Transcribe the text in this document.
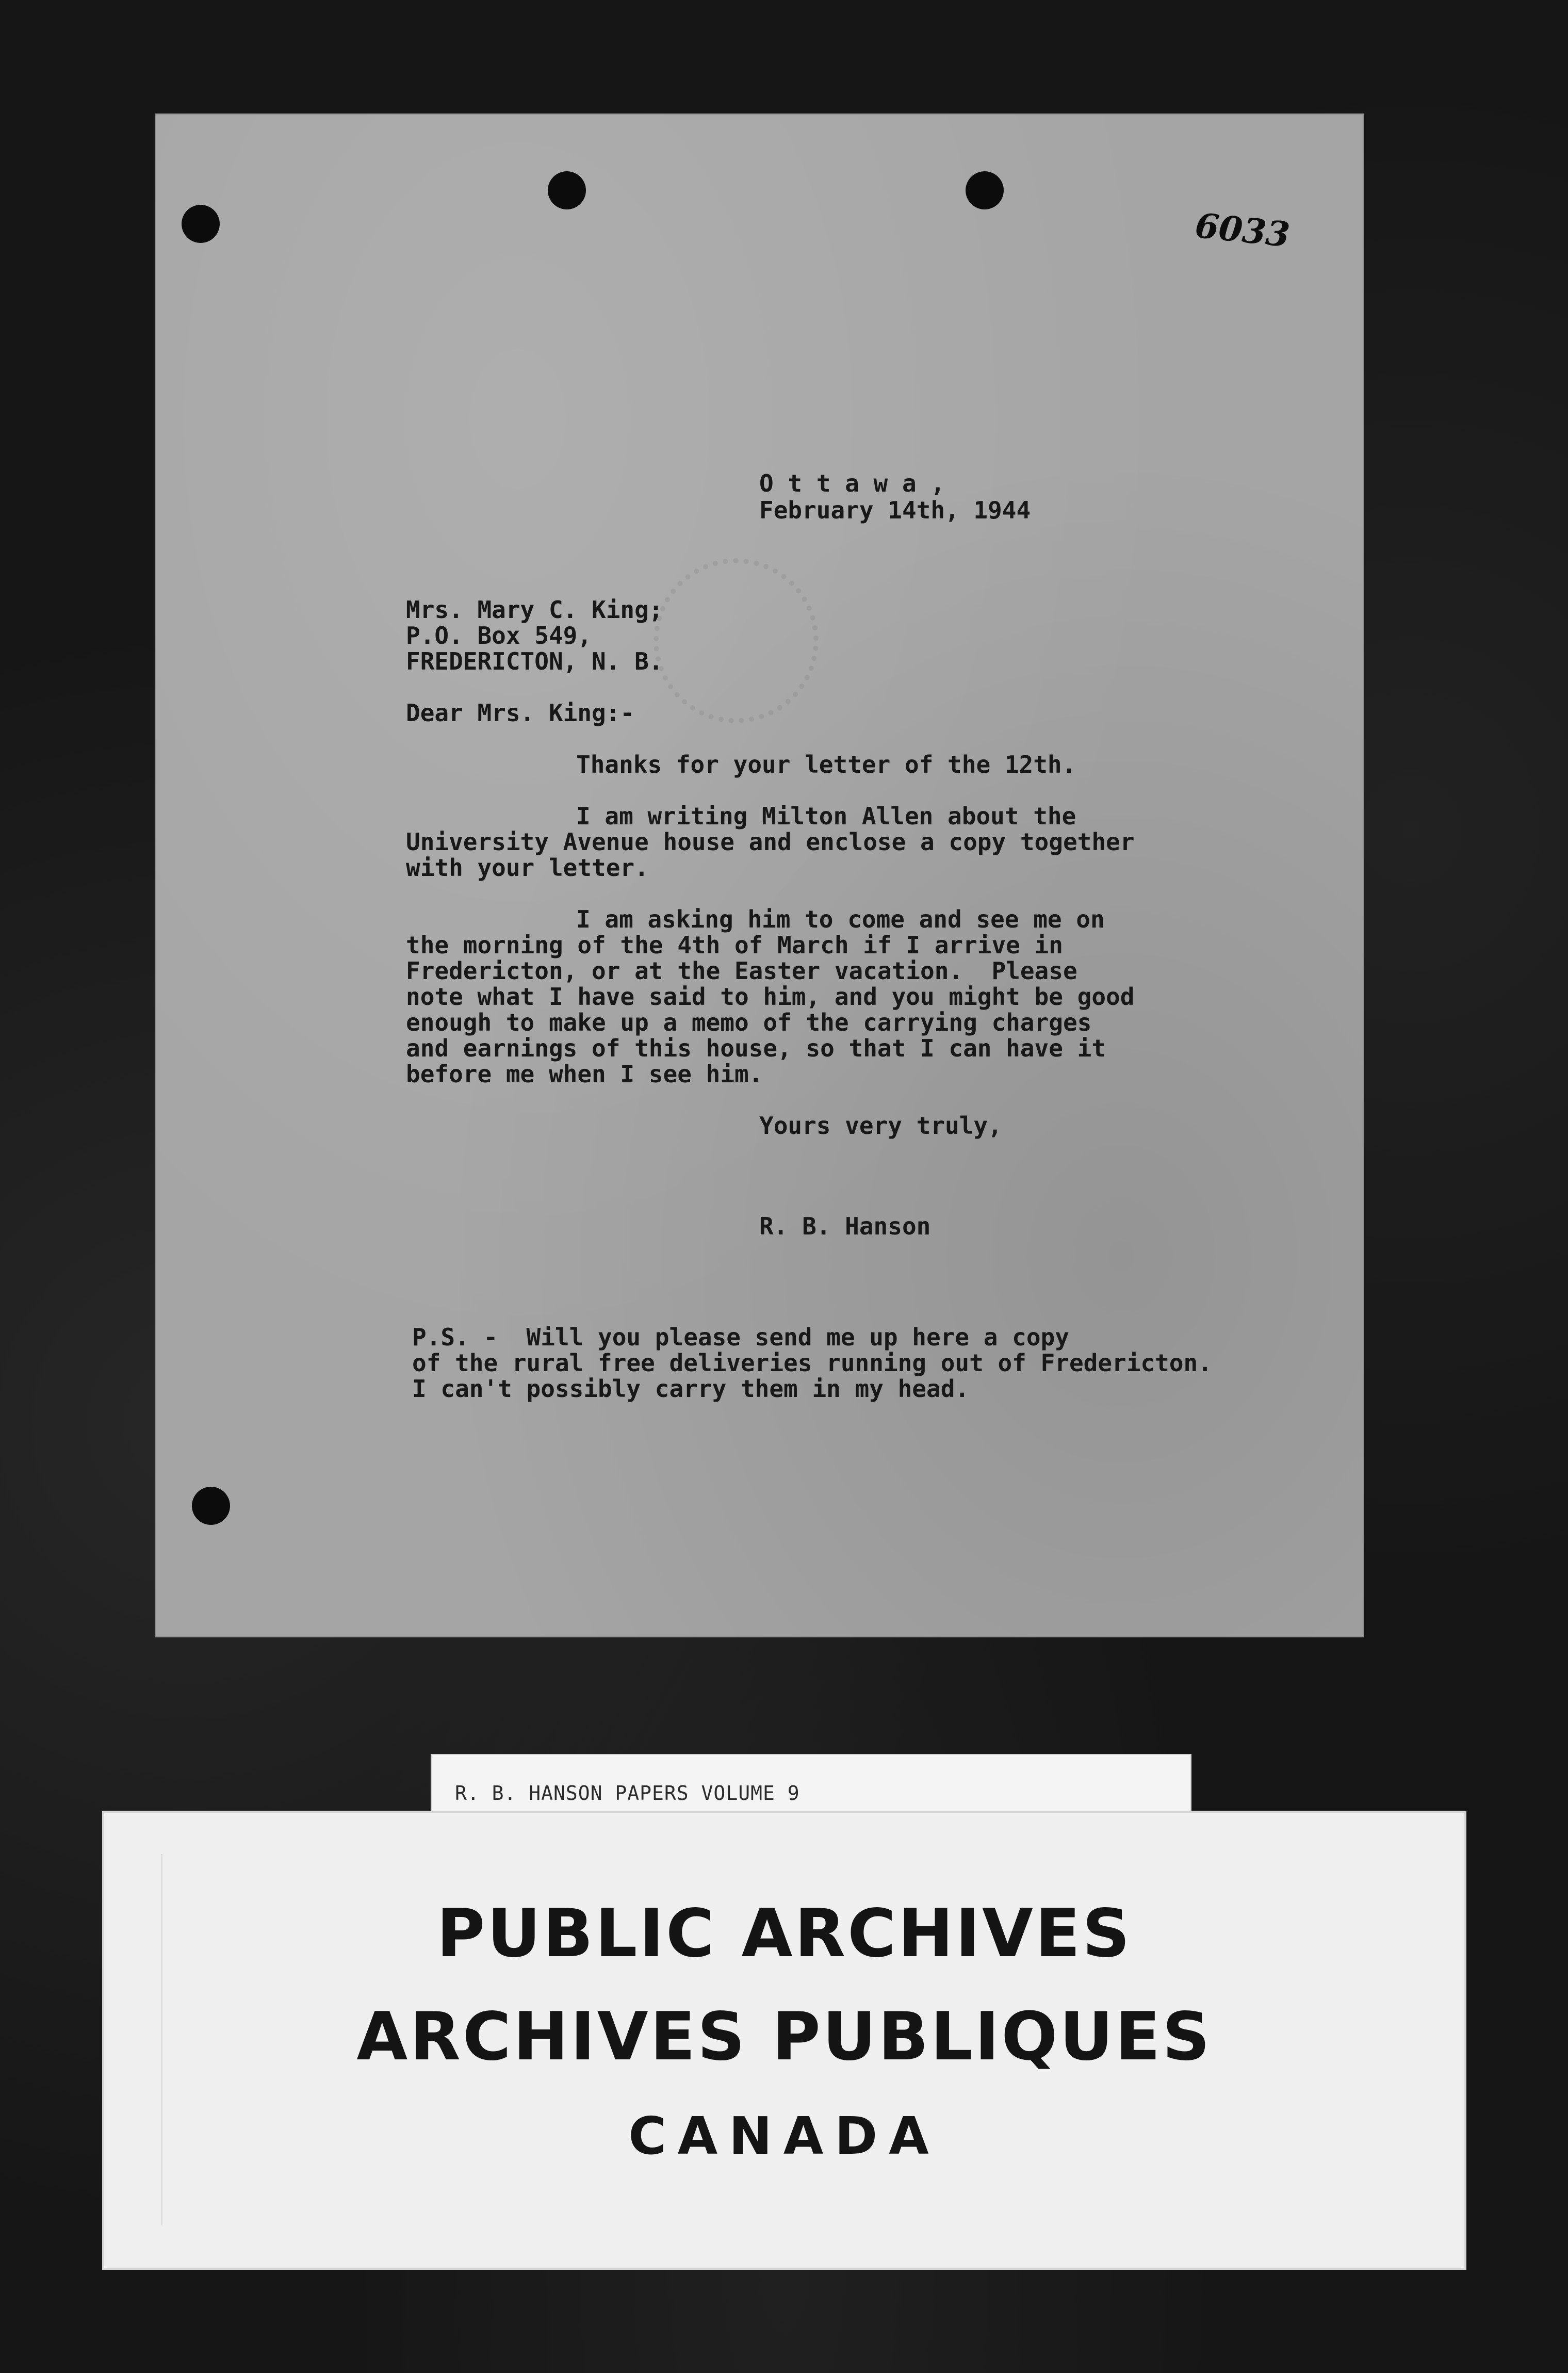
6033
O t t a w a ,
February 14th, 1944
Mrs. Mary C. King;
P.O. Box 549,
FREDERICTON, N. B.
Dear Mrs. King:-
Thanks for your letter of the 12th.
I am writing Milton Allen about the
University Avenue house and enclose a copy together
with your letter.
I am asking him to come and see me on
the morning of the 4th of March if I arrive in
Fredericton, or at the Easter vacation.  Please
note what I have said to him, and you might be good
enough to make up a memo of the carrying charges
and earnings of this house, so that I can have it
before me when I see him.
Yours very truly,
R. B. Hanson
P.S. -  Will you please send me up here a copy
of the rural free deliveries running out of Fredericton.
I can't possibly carry them in my head.
R. B. HANSON PAPERS VOLUME 9
PUBLIC ARCHIVES
ARCHIVES PUBLIQUES
CANADA
